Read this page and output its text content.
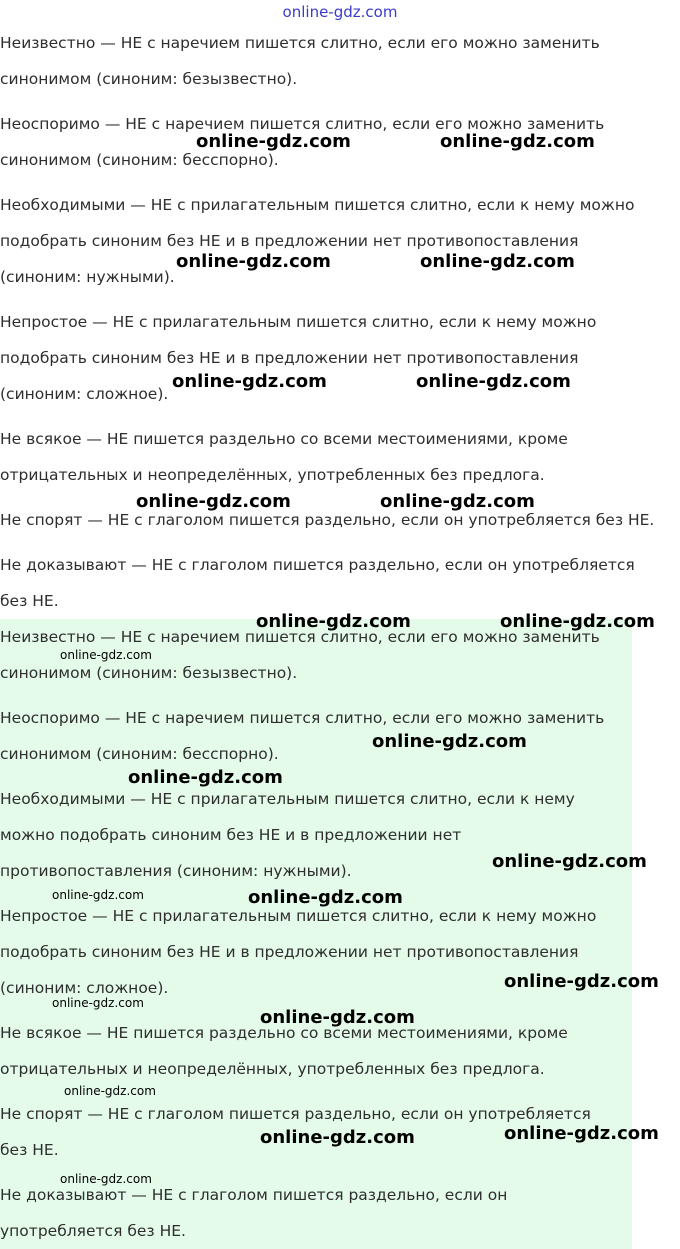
online-gdz.com
Неизвестно — НЕ с наречием пишется слитно, если его можно заменить
синонимом (синоним: безызвестно).
Неоспоримо — НЕ с наречием пишется слитно, если его можно заменить
синонимом (синоним: бесспорно).
Необходимыми — НЕ с прилагательным пишется слитно, если к нему можно
подобрать синоним без НЕ и в предложении нет противопоставления
(синоним: нужными).
Непростое — НЕ с прилагательным пишется слитно, если к нему можно
подобрать синоним без НЕ и в предложении нет противопоставления
(синоним: сложное).
Не всякое — НЕ пишется раздельно со всеми местоимениями, кроме
отрицательных и неопределённых, употребленных без предлога.
Не спорят — НЕ с глаголом пишется раздельно, если он употребляется без НЕ.
Не доказывают — НЕ с глаголом пишется раздельно, если он употребляется
без НЕ.
Неизвестно — НЕ с наречием пишется слитно, если его можно заменить
синонимом (синоним: безызвестно).
Неоспоримо — НЕ с наречием пишется слитно, если его можно заменить
синонимом (синоним: бесспорно).
Необходимыми — НЕ с прилагательным пишется слитно, если к нему
можно подобрать синоним без НЕ и в предложении нет
противопоставления (синоним: нужными).
Непростое — НЕ с прилагательным пишется слитно, если к нему можно
подобрать синоним без НЕ и в предложении нет противопоставления
(синоним: сложное).
Не всякое — НЕ пишется раздельно со всеми местоимениями, кроме
отрицательных и неопределённых, употребленных без предлога.
Не спорят — НЕ с глаголом пишется раздельно, если он употребляется
без НЕ.
Не доказывают — НЕ с глаголом пишется раздельно, если он
употребляется без НЕ.
online-gdz.com	online-gdz.com
online-gdz.com	online-gdz.com
online-gdz.com	online-gdz.com
online-gdz.com	online-gdz.com
online-gdz.com	online-gdz.com
online-gdz.com
online-gdz.com
online-gdz.com
online-gdz.com
online-gdz.com	online-gdz.com
online-gdz.com
online-gdz.com
online-gdz.com
online-gdz.com
online-gdz.com
online-gdz.com
online-gdz.com
